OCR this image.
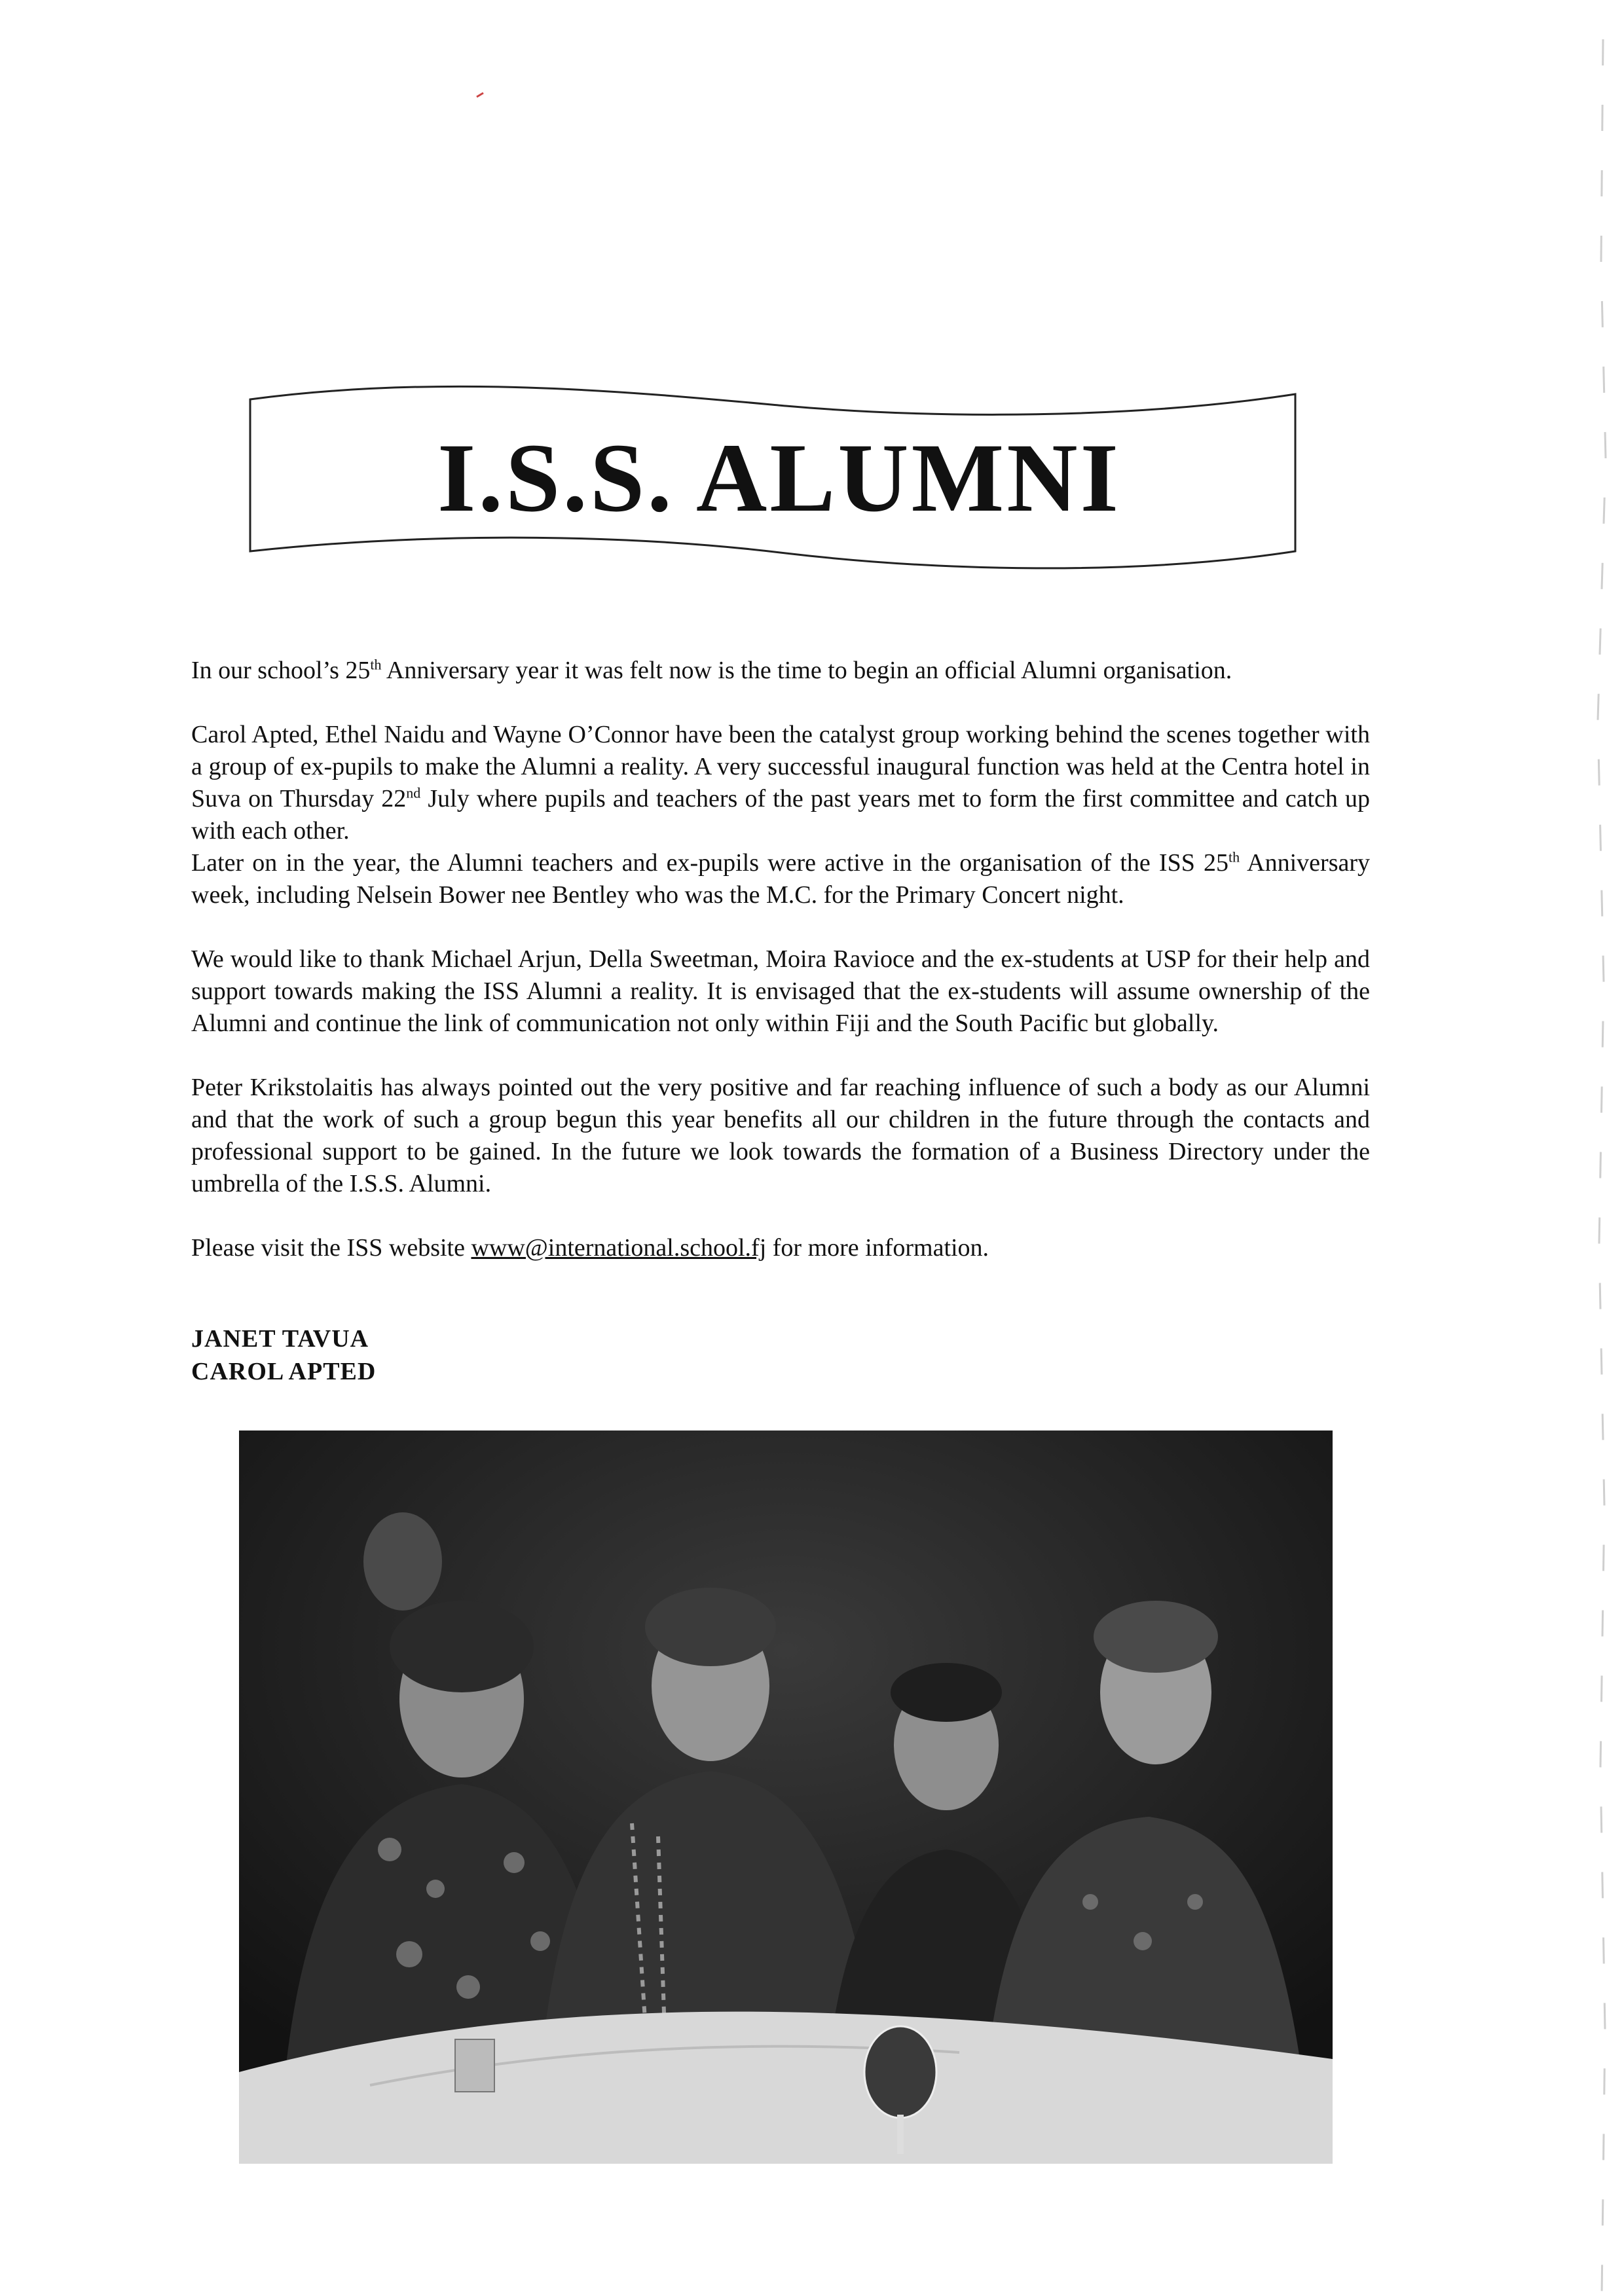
I.S.S. ALUMNI

In our school’s 25th Anniversary year it was felt now is the time to begin an official Alumni organisation.

Carol Apted, Ethel Naidu and Wayne O’Connor have been the catalyst group working behind the scenes together with a group of ex-pupils to make the Alumni a reality. A very successful inaugural function was held at the Centra hotel in Suva on Thursday 22nd July where pupils and teachers of the past years met to form the first committee and catch up with each other.

Later on in the year, the Alumni teachers and ex-pupils were active in the organisation of the ISS 25th Anniversary week, including Nelsein Bower nee Bentley who was the M.C. for the Primary Concert night.

We would like to thank Michael Arjun, Della Sweetman, Moira Ravioce and the ex-students at USP for their help and support towards making the ISS Alumni a reality. It is envisaged that the ex-students will assume ownership of the Alumni and continue the link of communication not only within Fiji and the South Pacific but globally.

Peter Krikstolaitis has always pointed out the very positive and far reaching influence of such a body as our Alumni and that the work of such a group begun this year benefits all our children in the future through the contacts and professional support to be gained. In the future we look towards the formation of a Business Directory under the umbrella of the I.S.S. Alumni.

Please visit the ISS website www@international.school.fj for more information.

JANET TAVUA
CAROL APTED
